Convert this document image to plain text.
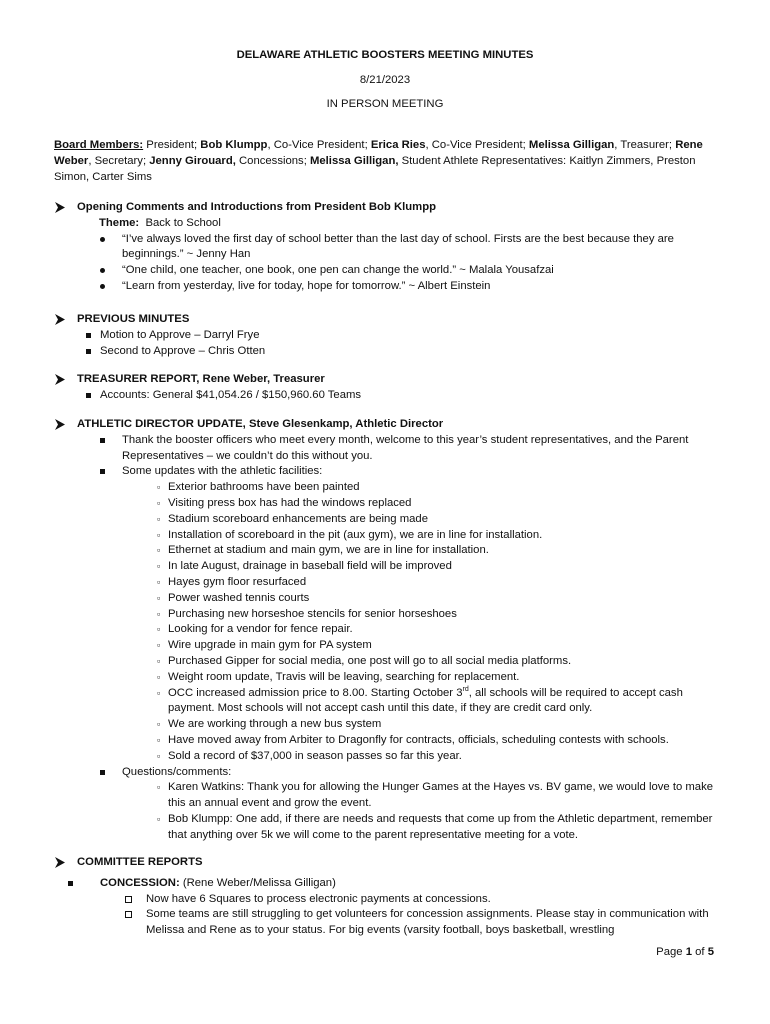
DELAWARE ATHLETIC BOOSTERS MEETING MINUTES
8/21/2023
IN PERSON MEETING
Board Members: President; Bob Klumpp, Co-Vice President; Erica Ries, Co-Vice President; Melissa Gilligan, Treasurer; Rene Weber, Secretary; Jenny Girouard, Concessions; Melissa Gilligan, Student Athlete Representatives: Kaitlyn Zimmers, Preston Simon, Carter Sims
Opening Comments and Introductions from President Bob Klumpp
Theme: Back to School
“I’ve always loved the first day of school better than the last day of school. Firsts are the best because they are beginnings.” ~ Jenny Han
“One child, one teacher, one book, one pen can change the world.” ~ Malala Yousafzai
“Learn from yesterday, live for today, hope for tomorrow.” ~ Albert Einstein
PREVIOUS MINUTES
Motion to Approve – Darryl Frye
Second to Approve – Chris Otten
TREASURER REPORT, Rene Weber, Treasurer
Accounts: General $41,054.26 / $150,960.60 Teams
ATHLETIC DIRECTOR UPDATE, Steve Glesenkamp, Athletic Director
Thank the booster officers who meet every month, welcome to this year’s student representatives, and the Parent Representatives – we couldn’t do this without you.
Some updates with the athletic facilities:
▫ Exterior bathrooms have been painted
▫ Visiting press box has had the windows replaced
▫ Stadium scoreboard enhancements are being made
▫ Installation of scoreboard in the pit (aux gym), we are in line for installation.
▫ Ethernet at stadium and main gym, we are in line for installation.
▫ In late August, drainage in baseball field will be improved
▫ Hayes gym floor resurfaced
▫ Power washed tennis courts
▫ Purchasing new horseshoe stencils for senior horseshoes
▫ Looking for a vendor for fence repair.
▫ Wire upgrade in main gym for PA system
▫ Purchased Gipper for social media, one post will go to all social media platforms.
▫ Weight room update, Travis will be leaving, searching for replacement.
▫ OCC increased admission price to 8.00. Starting October 3rd, all schools will be required to accept cash payment. Most schools will not accept cash until this date, if they are credit card only.
▫ We are working through a new bus system
▫ Have moved away from Arbiter to Dragonfly for contracts, officials, scheduling contests with schools.
▫ Sold a record of $37,000 in season passes so far this year.
Questions/comments:
▫ Karen Watkins: Thank you for allowing the Hunger Games at the Hayes vs. BV game, we would love to make this an annual event and grow the event.
▫ Bob Klumpp: One add, if there are needs and requests that come up from the Athletic department, remember that anything over 5k we will come to the parent representative meeting for a vote.
COMMITTEE REPORTS
CONCESSION: (Rene Weber/Melissa Gilligan)
Now have 6 Squares to process electronic payments at concessions.
Some teams are still struggling to get volunteers for concession assignments. Please stay in communication with Melissa and Rene as to your status. For big events (varsity football, boys basketball, wrestling
Page 1 of 5
